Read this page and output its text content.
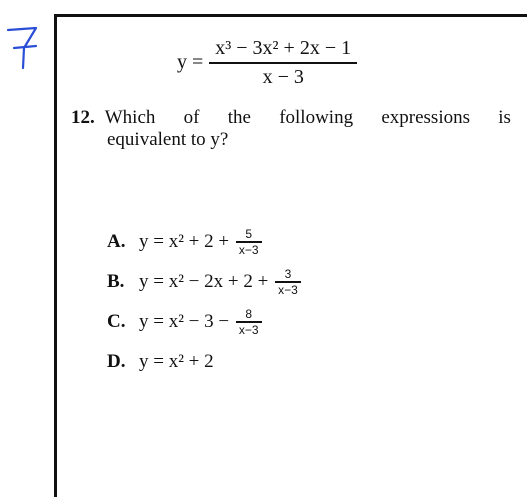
$y = \frac{\text{x³ − 3x² + 2x − 1}}{x - 3}$
12. Which of the following expressions is
equivalent to y?
A. $y = x^2 + 2 + \frac{5}{x-3}$
B. $y = x^2 - 2x + 2 + \frac{3}{x-3}$
C. $y = x^2 - 3 - \frac{8}{x-3}$
D. y = x² + 2
